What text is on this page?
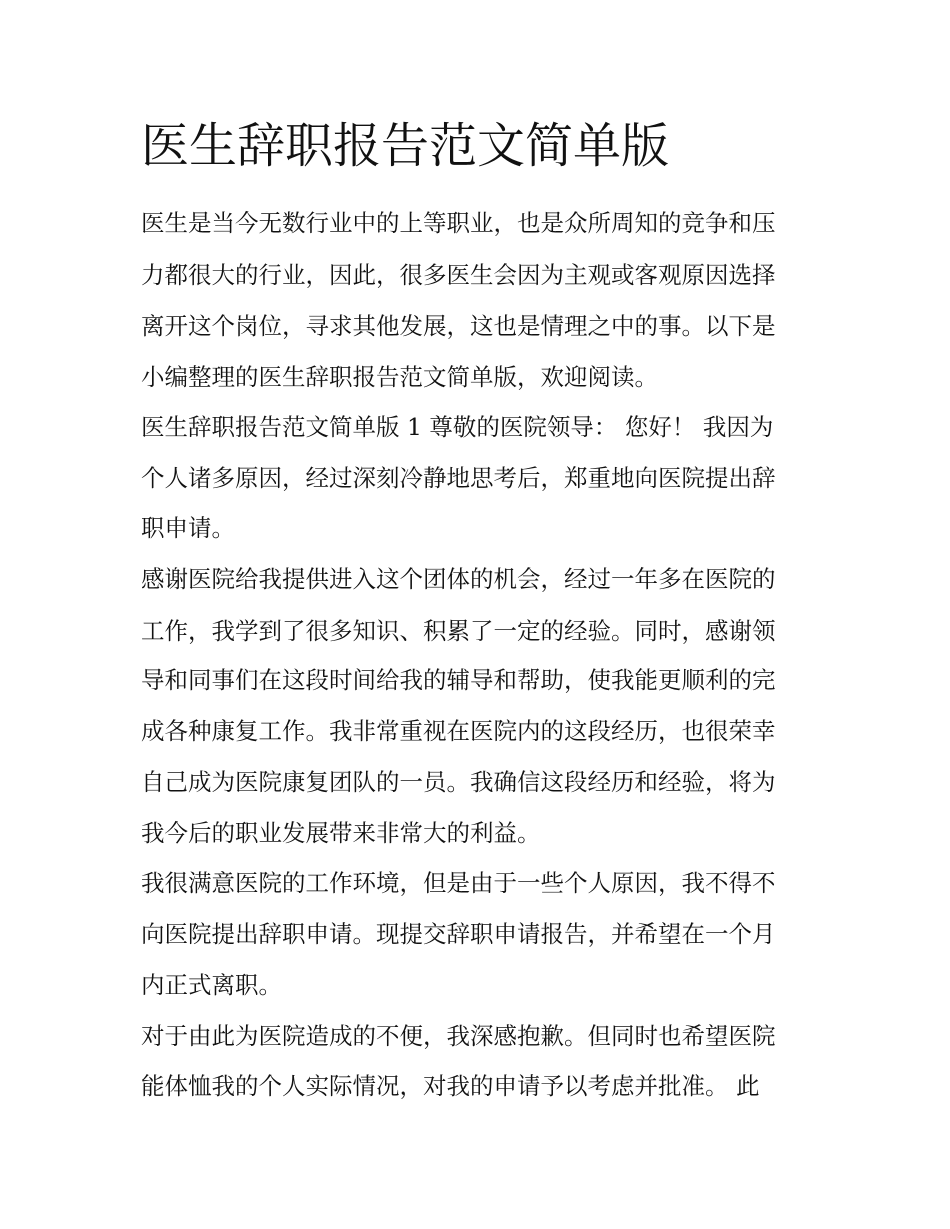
医生辞职报告范文简单版

医生是当今无数行业中的上等职业，也是众所周知的竞争和压

力都很大的行业，因此，很多医生会因为主观或客观原因选择

离开这个岗位，寻求其他发展，这也是情理之中的事。以下是

小编整理的医生辞职报告范文简单版，欢迎阅读。

医生辞职报告范文简单版 1 尊敬的医院领导： 您好！ 我因为

个人诸多原因，经过深刻冷静地思考后，郑重地向医院提出辞

职申请。

感谢医院给我提供进入这个团体的机会，经过一年多在医院的

工作，我学到了很多知识、积累了一定的经验。同时，感谢领

导和同事们在这段时间给我的辅导和帮助，使我能更顺利的完

成各种康复工作。我非常重视在医院内的这段经历，也很荣幸

自己成为医院康复团队的一员。我确信这段经历和经验，将为

我今后的职业发展带来非常大的利益。

我很满意医院的工作环境，但是由于一些个人原因，我不得不

向医院提出辞职申请。现提交辞职申请报告，并希望在一个月

内正式离职。

对于由此为医院造成的不便，我深感抱歉。但同时也希望医院

能体恤我的个人实际情况，对我的申请予以考虑并批准。 此
